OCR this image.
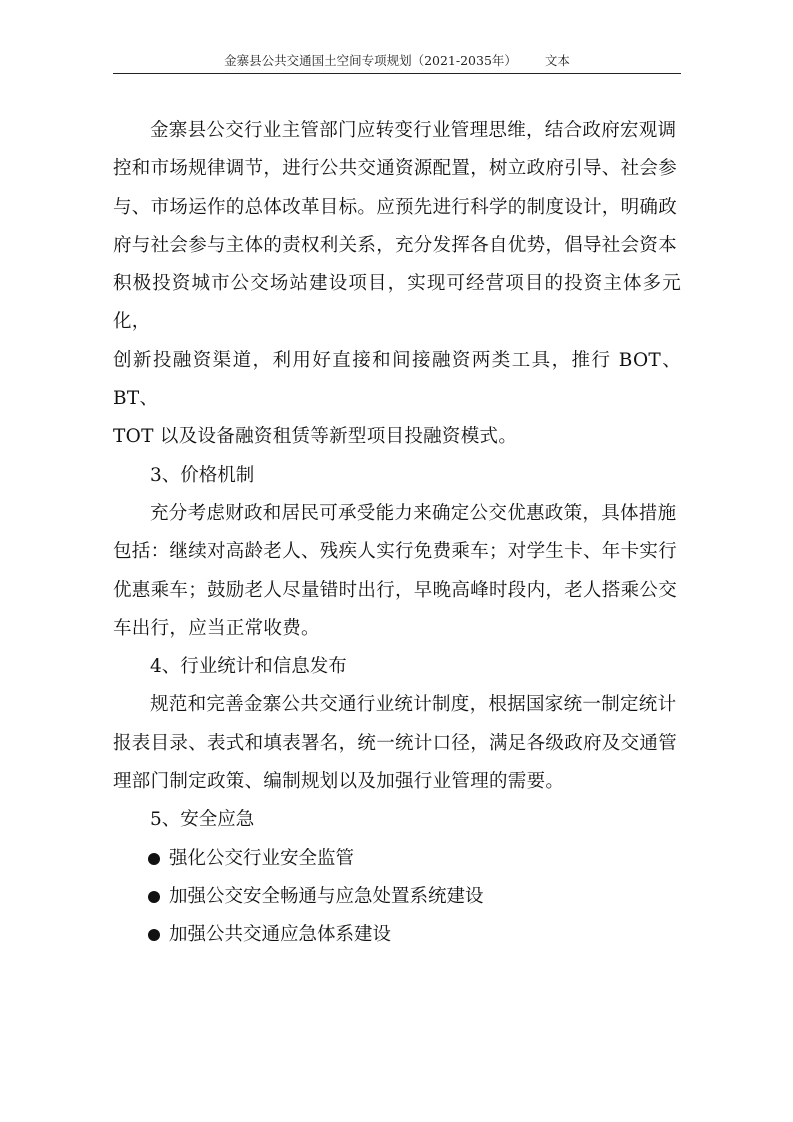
金寨县公共交通国土空间专项规划（2021-2035年） 文本

金寨县公交行业主管部门应转变行业管理思维，结合政府宏观调
控和市场规律调节，进行公共交通资源配置，树立政府引导、社会参
与、市场运作的总体改革目标。应预先进行科学的制度设计，明确政
府与社会参与主体的责权利关系，充分发挥各自优势，倡导社会资本
积极投资城市公交场站建设项目，实现可经营项目的投资主体多元化，
创新投融资渠道，利用好直接和间接融资两类工具，推行 BOT、BT、
TOT 以及设备融资租赁等新型项目投融资模式。

3、价格机制

充分考虑财政和居民可承受能力来确定公交优惠政策，具体措施
包括：继续对高龄老人、残疾人实行免费乘车；对学生卡、年卡实行
优惠乘车；鼓励老人尽量错时出行，早晚高峰时段内，老人搭乘公交
车出行，应当正常收费。

4、行业统计和信息发布

规范和完善金寨公共交通行业统计制度，根据国家统一制定统计
报表目录、表式和填表署名，统一统计口径，满足各级政府及交通管
理部门制定政策、编制规划以及加强行业管理的需要。

5、安全应急

强化公交行业安全监管
加强公交安全畅通与应急处置系统建设
加强公共交通应急体系建设
